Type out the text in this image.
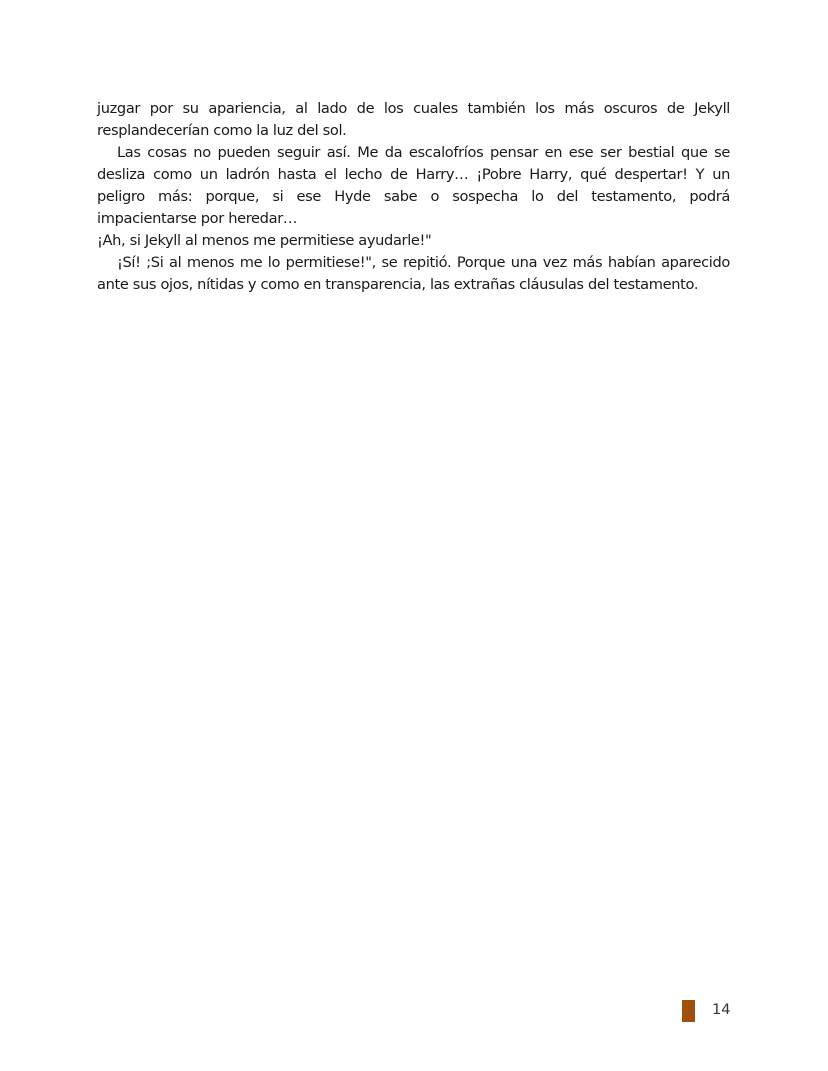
juzgar por su apariencia, al lado de los cuales también los más oscuros de Jekyll
resplandecerían como la luz del sol.
Las cosas no pueden seguir así. Me da escalofríos pensar en ese ser bestial que se
desliza como un ladrón hasta el lecho de Harry… ¡Pobre Harry, qué despertar! Y un
peligro más: porque, si ese Hyde sabe o sospecha lo del testamento, podrá
impacientarse por heredar…
¡Ah, si Jekyll al menos me permitiese ayudarle!"
¡Sí! ;Si al menos me lo permitiese!", se repitió. Porque una vez más habían aparecido
ante sus ojos, nítidas y como en transparencia, las extrañas cláusulas del testamento.
14
